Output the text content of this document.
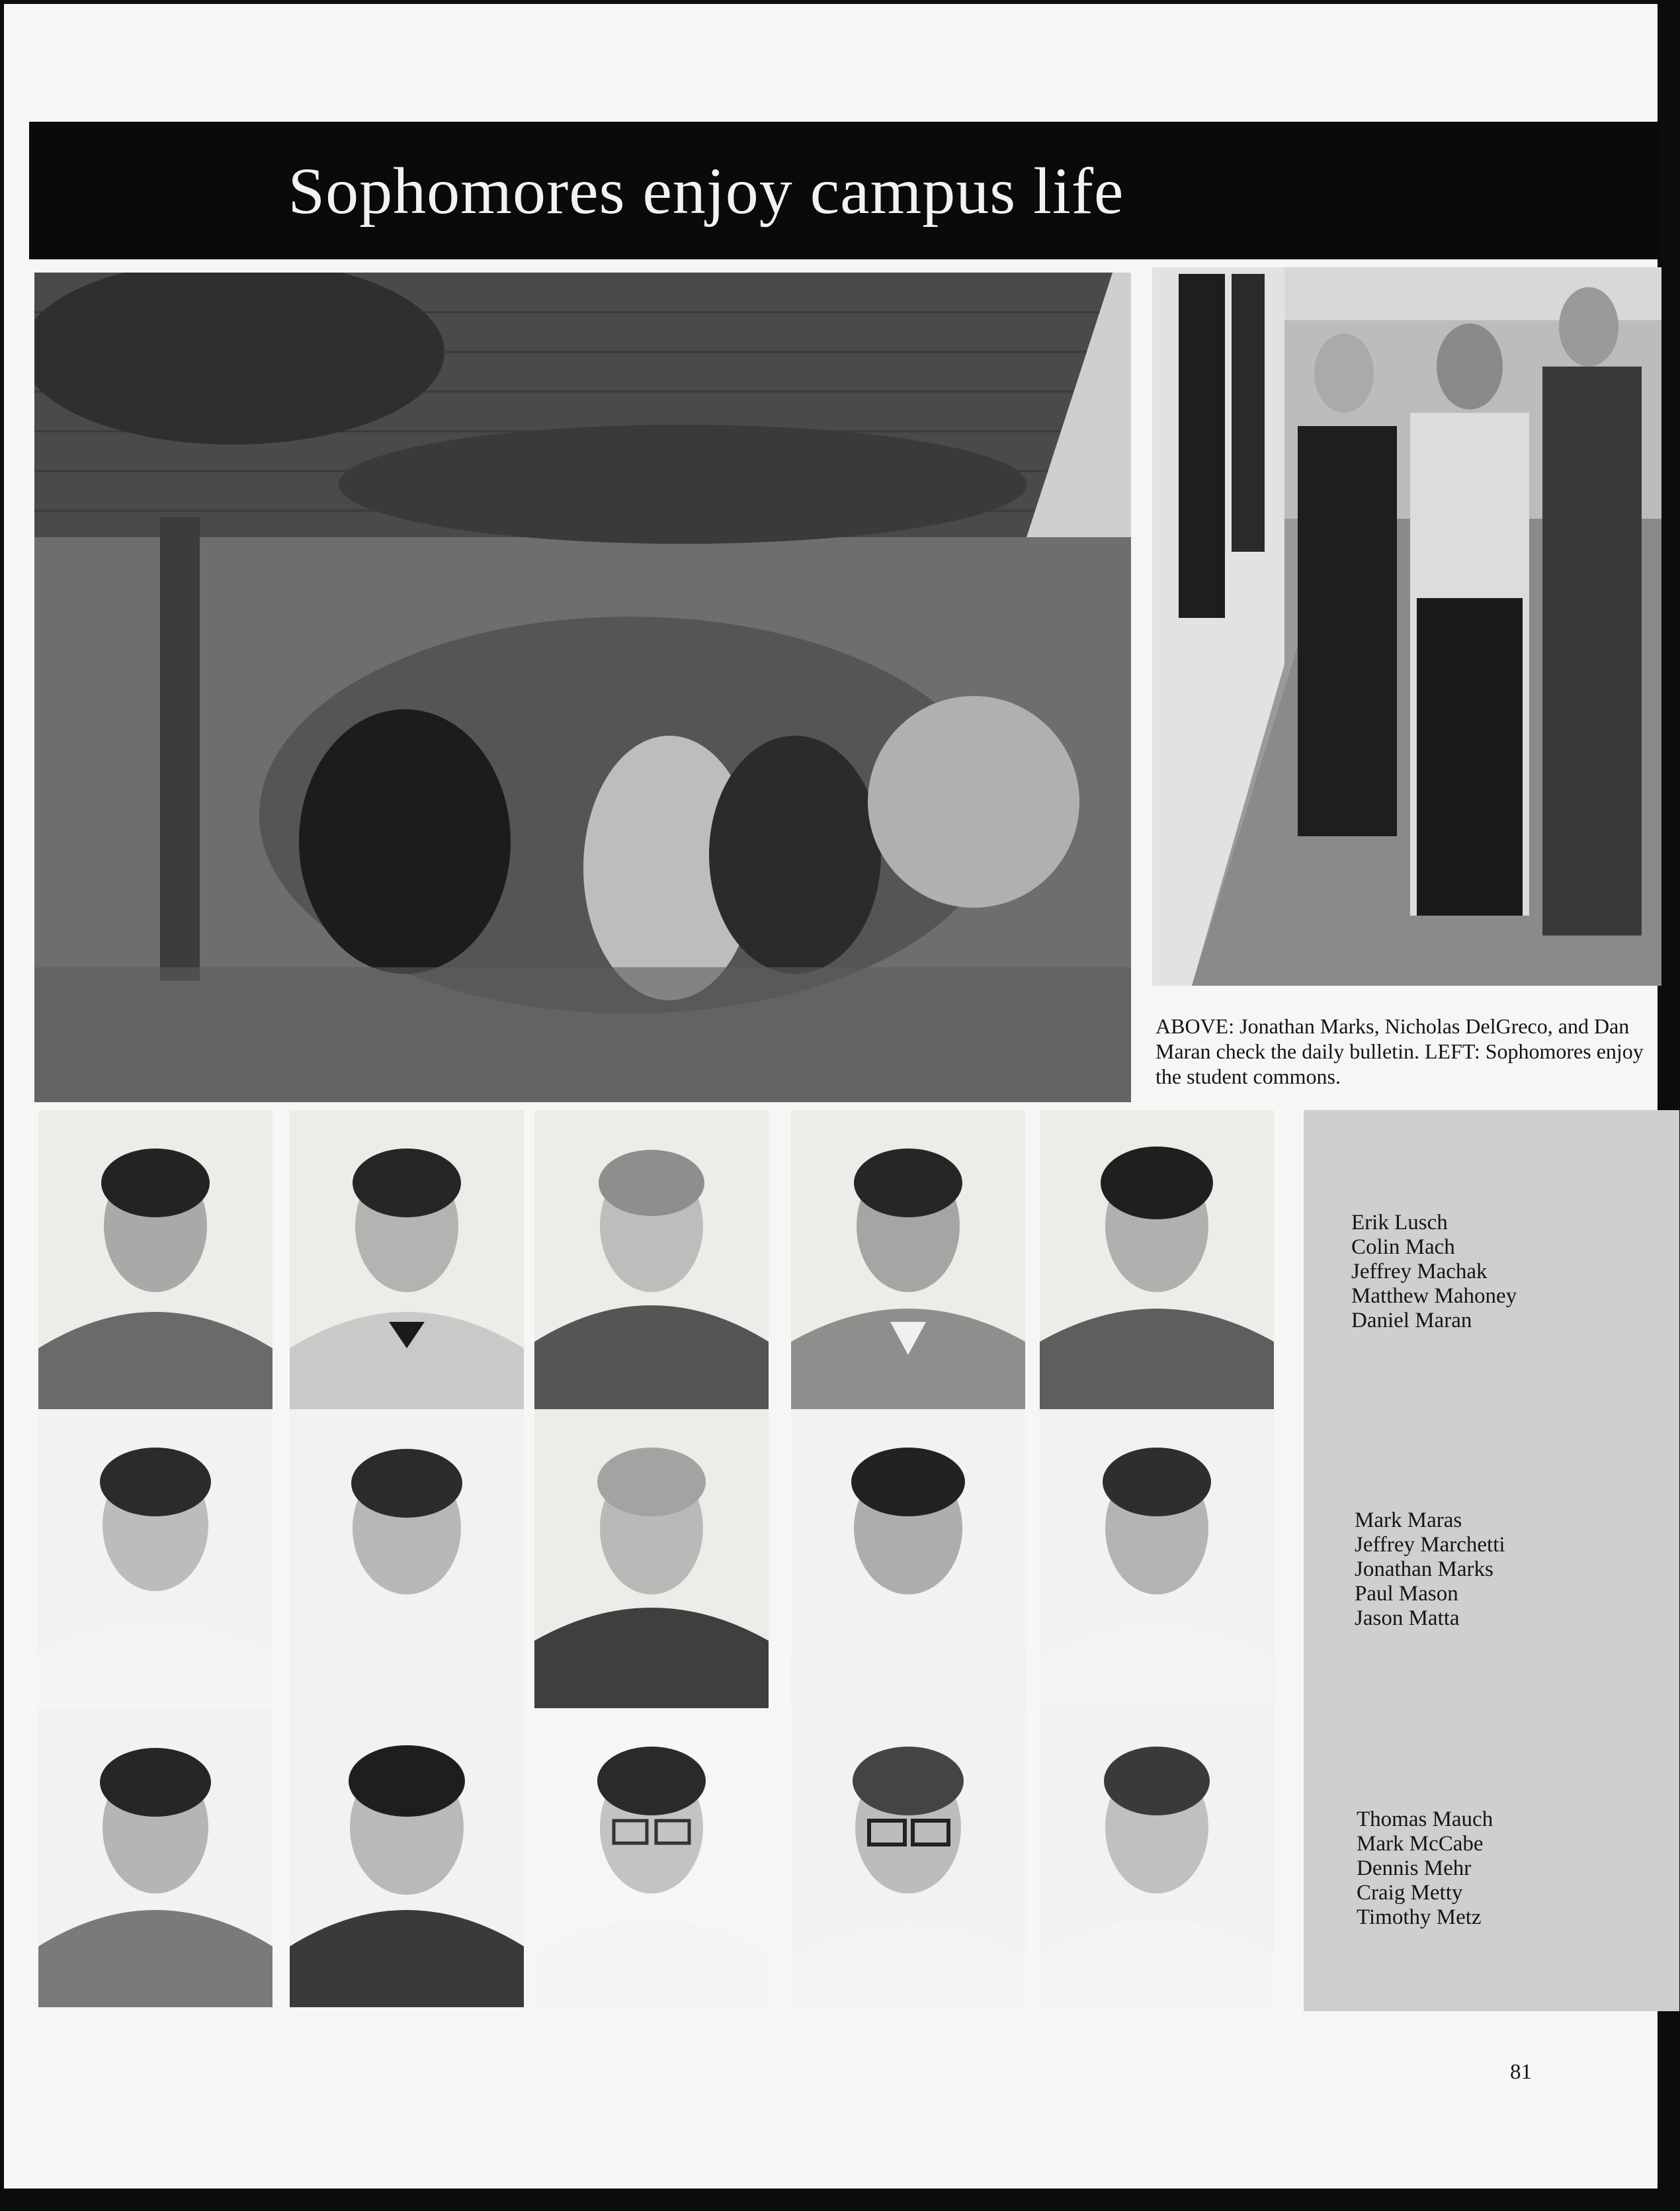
Sophomores enjoy campus life
ABOVE: Jonathan Marks, Nicholas DelGreco, and Dan Maran check the daily bulletin. LEFT: Sophomores enjoy the student commons.
Erik Lusch
Colin Mach
Jeffrey Machak
Matthew Mahoney
Daniel Maran
Mark Maras
Jeffrey Marchetti
Jonathan Marks
Paul Mason
Jason Matta
Thomas Mauch
Mark McCabe
Dennis Mehr
Craig Metty
Timothy Metz
81
